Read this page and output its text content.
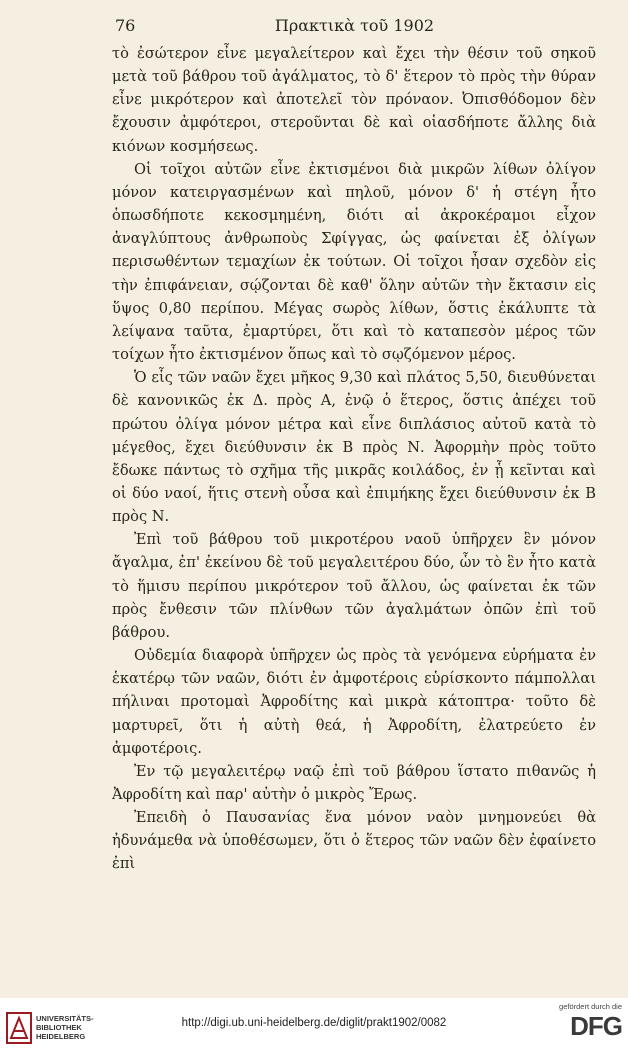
76	Πρακτικὰ τοῦ 1902

τὸ ἐσώτερον εἶνε μεγαλείτερον καὶ ἔχει τὴν θέσιν τοῦ σηκοῦ μετὰ τοῦ βάθρου τοῦ ἀγάλματος, τὸ δ' ἕτερον τὸ πρὸς τὴν θύραν εἶνε μικρότερον καὶ ἀποτελεῖ τὸν πρόναον. Ὀπισθόδομον δὲν ἔχουσιν ἀμφότεροι, στεροῦνται δὲ καὶ οἱασδήποτε ἄλλης διὰ κιόνων κοσμήσεως.

Οἱ τοῖχοι αὐτῶν εἶνε ἐκτισμένοι διὰ μικρῶν λίθων ὀλίγον μόνον κατειργασμένων καὶ πηλοῦ, μόνον δ' ἡ στέγη ἦτο ὁπωσδήποτε κεκοσμημένη, διότι αἱ ἀκροκέραμοι εἶχον ἀναγλύπτους ἀνθρωποὺς Σφίγγας, ὡς φαίνεται ἐξ ὀλίγων περισωθέντων τεμαχίων ἐκ τούτων. Οἱ τοῖχοι ἦσαν σχεδὸν εἰς τὴν ἐπιφάνειαν, σῴζονται δὲ καθ' ὅλην αὐτῶν τὴν ἔκτασιν εἰς ὕψος 0,80 περίπου. Μέγας σωρὸς λίθων, ὅστις ἐκάλυπτε τὰ λείψανα ταῦτα, ἐμαρτύρει, ὅτι καὶ τὸ καταπεσὸν μέρος τῶν τοίχων ἦτο ἐκτισμένον ὅπως καὶ τὸ σῳζόμενον μέρος.

Ὁ εἷς τῶν ναῶν ἔχει μῆκος 9,30 καὶ πλάτος 5,50, διευθύνεται δὲ κανονικῶς ἐκ Δ. πρὸς Α, ἐνῷ ὁ ἕτερος, ὅστις ἀπέχει τοῦ πρώτου ὀλίγα μόνον μέτρα καὶ εἶνε διπλάσιος αὐτοῦ κατὰ τὸ μέγεθος, ἔχει διεύθυνσιν ἐκ Β πρὸς Ν. Ἀφορμὴν πρὸς τοῦτο ἔδωκε πάντως τὸ σχῆμα τῆς μικρᾶς κοιλάδος, ἐν ᾗ κεῖνται καὶ οἱ δύο ναοί, ἥτις στενὴ οὖσα καὶ ἐπιμήκης ἔχει διεύθυνσιν ἐκ Β πρὸς Ν.

Ἐπὶ τοῦ βάθρου τοῦ μικροτέρου ναοῦ ὑπῆρχεν ἓν μόνον ἄγαλμα, ἐπ' ἐκείνου δὲ τοῦ μεγαλειτέρου δύο, ὧν τὸ ἓν ἦτο κατὰ τὸ ἥμισυ περίπου μικρότερον τοῦ ἄλλου, ὡς φαίνεται ἐκ τῶν πρὸς ἔνθεσιν τῶν πλίνθων τῶν ἀγαλμάτων ὀπῶν ἐπὶ τοῦ βάθρου.

Οὐδεμία διαφορὰ ὑπῆρχεν ὡς πρὸς τὰ γενόμενα εὑρήματα ἐν ἑκατέρῳ τῶν ναῶν, διότι ἐν ἀμφοτέροις εὑρίσκοντο πάμπολλαι πήλιναι προτομαὶ Ἀφροδίτης καὶ μικρὰ κάτοπτρα· τοῦτο δὲ μαρτυρεῖ, ὅτι ἡ αὐτὴ θεά, ἡ Ἀφροδίτη, ἐλατρεύετο ἐν ἀμφοτέροις.

Ἐν τῷ μεγαλειτέρῳ ναῷ ἐπὶ τοῦ βάθρου ἵστατο πιθανῶς ἡ Ἀφροδίτη καὶ παρ' αὐτὴν ὁ μικρὸς Ἔρως.

Ἐπειδὴ ὁ Παυσανίας ἕνα μόνον ναὸν μνημονεύει θὰ ἠδυνάμεθα νὰ ὑποθέσωμεν, ὅτι ὁ ἕτερος τῶν ναῶν δὲν ἐφαίνετο ἐπὶ

UNIVERSITÄTS-
BIBLIOTHEK
HEIDELBERG
http://digi.ub.uni-heidelberg.de/diglit/prakt1902/0082
gefördert durch die
DFG
